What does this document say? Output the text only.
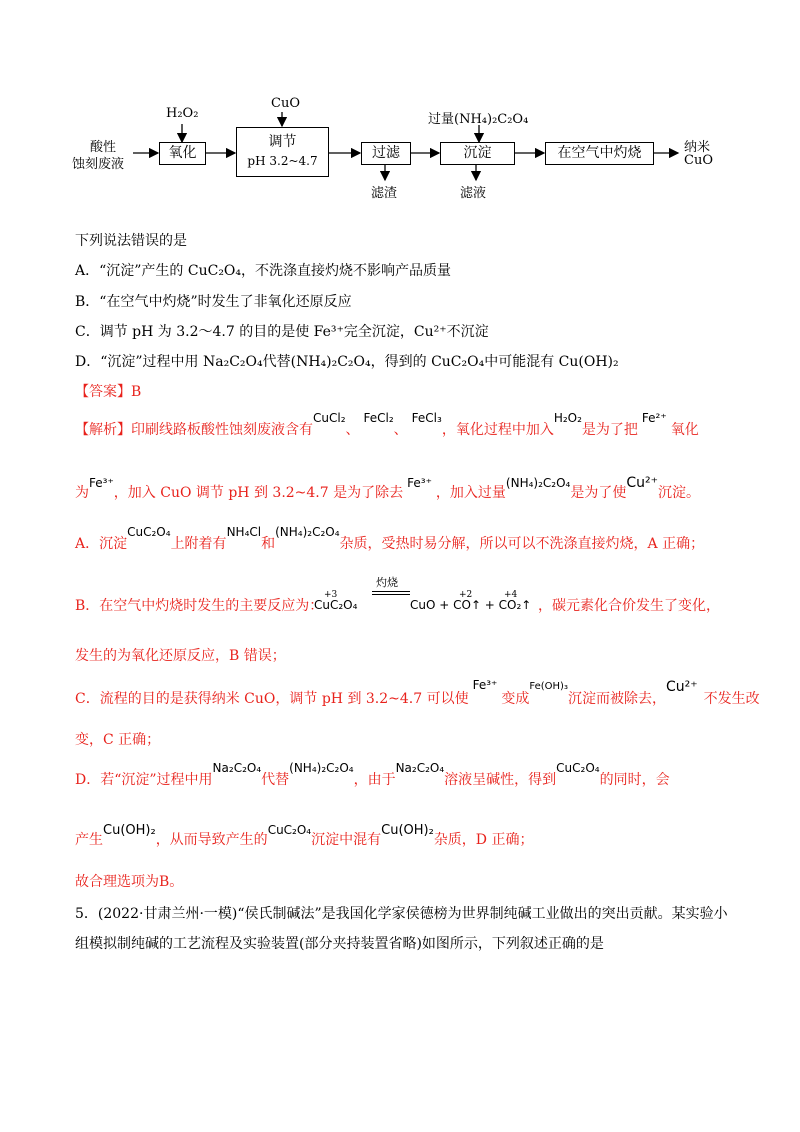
酸性
蚀刻废液
H₂O₂
CuO
过量(NH₄)₂C₂O₄
氧化
调节
pH 3.2~4.7	过滤
滤渣
沉淀
滤液
在空气中灼烧	纳米
CuO
下列说法错误的是
A．“沉淀”产生的 CuC₂O₄，不洗涤直接灼烧不影响产品质量
B．“在空气中灼烧”时发生了非氧化还原反应
C．调节 pH 为 3.2～4.7 的目的是使 Fe³⁺完全沉淀，Cu²⁺不沉淀
D．“沉淀”过程中用 Na₂C₂O₄代替(NH₄)₂C₂O₄，得到的 CuC₂O₄中可能混有 Cu(OH)₂
【答案】B
【解析】印刷线路板酸性蚀刻废液含有CuCl₂、FeCl₂、FeCl₃，氧化过程中加入H₂O₂是为了把Fe²⁺氧化
为Fe³⁺，加入 CuO 调节 pH 到 3.2~4.7 是为了除去Fe³⁺，加入过量(NH₄)₂C₂O₄是为了使Cu²⁺沉淀。
A．沉淀CuC₂O₄上附着有NH₄Cl和(NH₄)₂C₂O₄杂质，受热时易分解，所以可以不洗涤直接灼烧，A 正确；
B．在空气中灼烧时发生的主要反应为：
+3
CuC₂O₄
灼烧
+2	+4
CuO + CO↑ + CO₂↑ ，碳元素化合价发生了变化，
发生的为氧化还原反应，B 错误；
C．流程的目的是获得纳米 CuO，调节 pH 到 3.2~4.7 可以使Fe³⁺变成$^{Fe(OH)_3}$沉淀而被除去，Cu²⁺不发生改
变，C 正确；
D．若“沉淀”过程中用Na₂C₂O₄代替(NH₄)₂C₂O₄，由于Na₂C₂O₄溶液呈碱性，得到CuC₂O₄的同时，会
产生Cu(OH)₂，从而导致产生的CuC₂O₄沉淀中混有Cu(OH)₂杂质，D 正确；
故合理选项为B。
5．(2022·甘肃兰州·一模)“侯氏制碱法”是我国化学家侯德榜为世界制纯碱工业做出的突出贡献。某实验小
组模拟制纯碱的工艺流程及实验装置(部分夹持装置省略)如图所示，下列叙述正确的是
